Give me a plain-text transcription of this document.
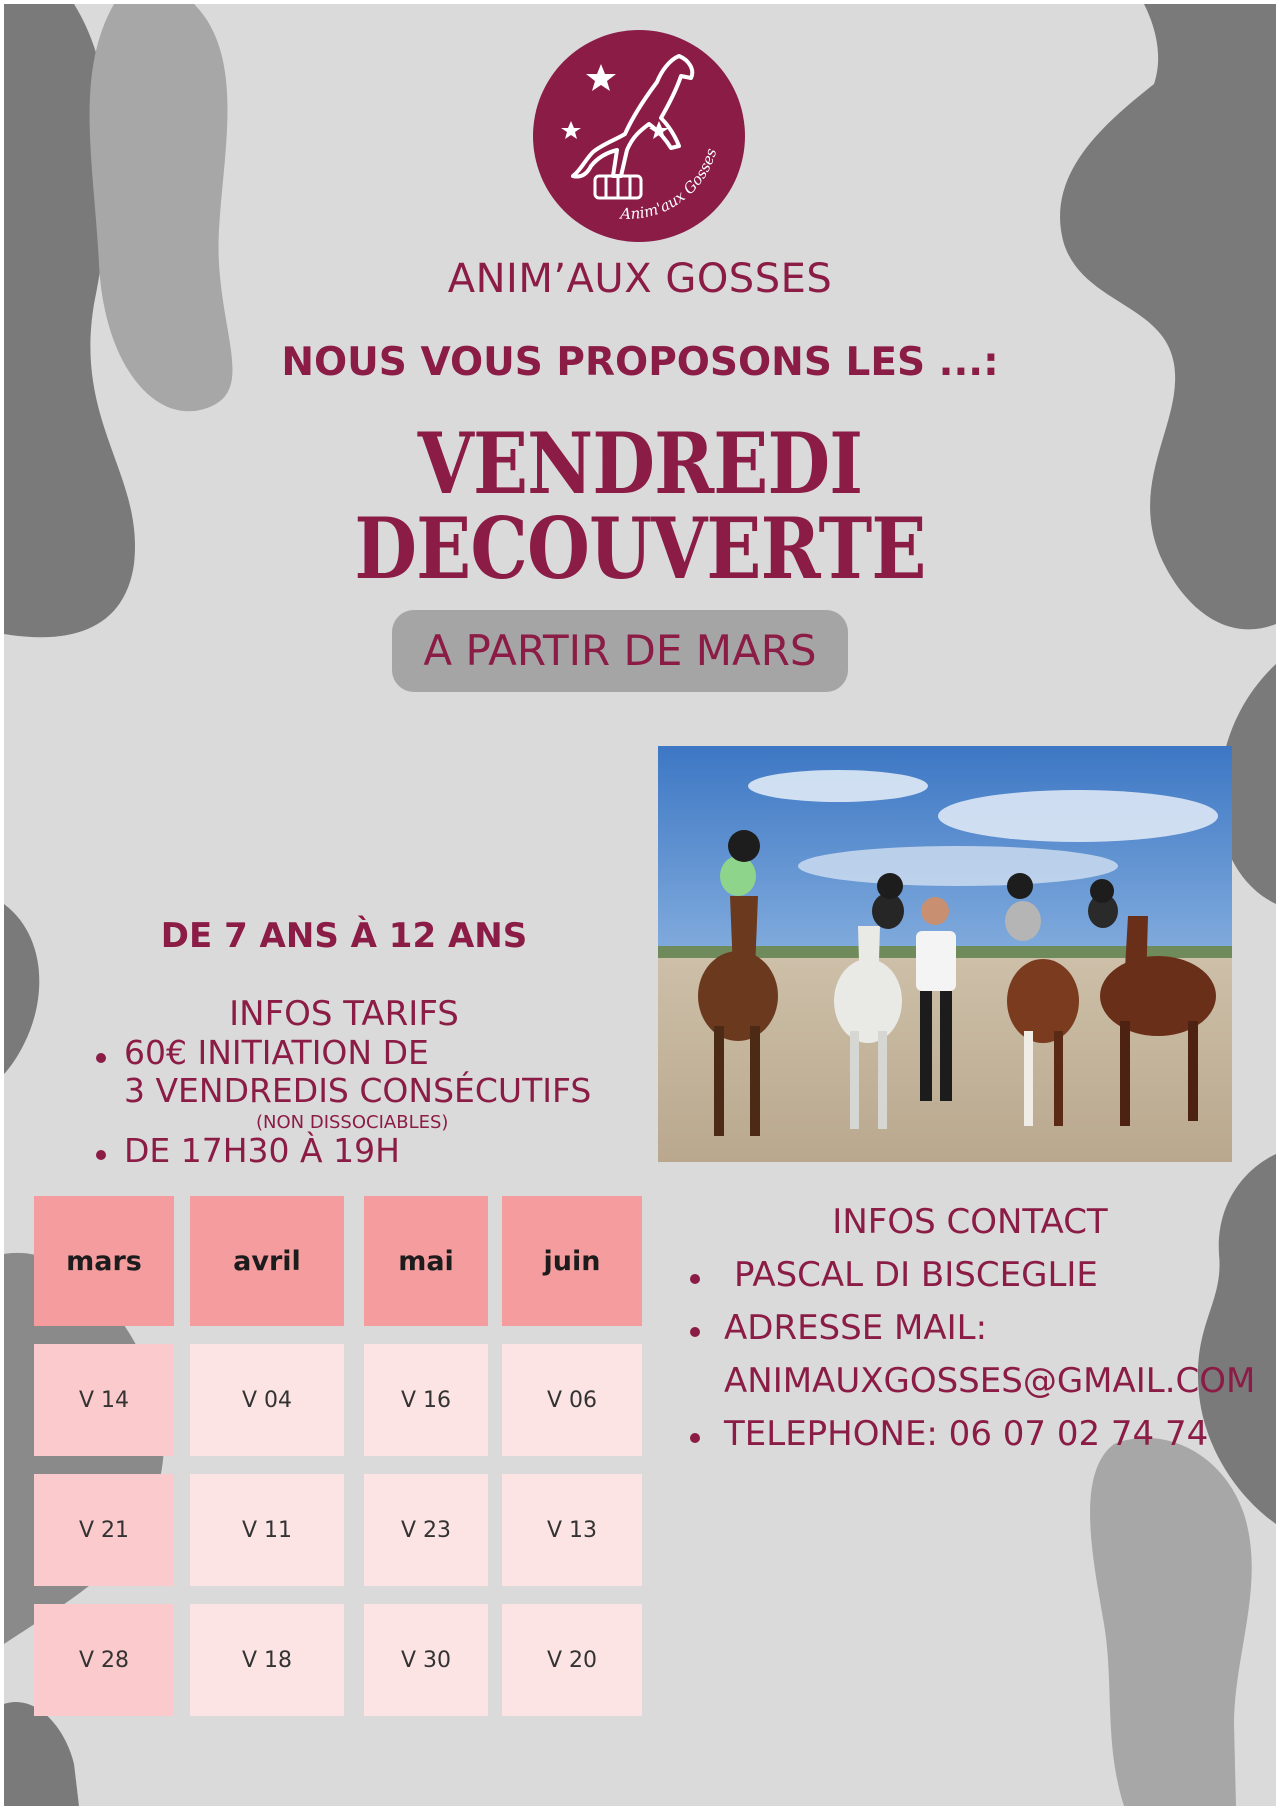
Anim'aux Gosses
ANIM’AUX GOSSES
NOUS VOUS PROPOSONS LES ...:
VENDREDI
DECOUVERTE
A PARTIR DE MARS
DE 7 ANS À 12 ANS
INFOS TARIFS
60€ INITIATION DE
3 VENDREDIS CONSÉCUTIFS
(NON DISSOCIABLES)
DE 17H30 À 19H
mars	avril	mai	juin
V 14	V 04	V 16	V 06
V 21	V 11	V 23	V 13
V 28	V 18	V 30	V 20
INFOS CONTACT
PASCAL DI BISCEGLIE
ADRESSE MAIL:
ANIMAUXGOSSES@GMAIL.COM
TELEPHONE: 06 07 02 74 74
